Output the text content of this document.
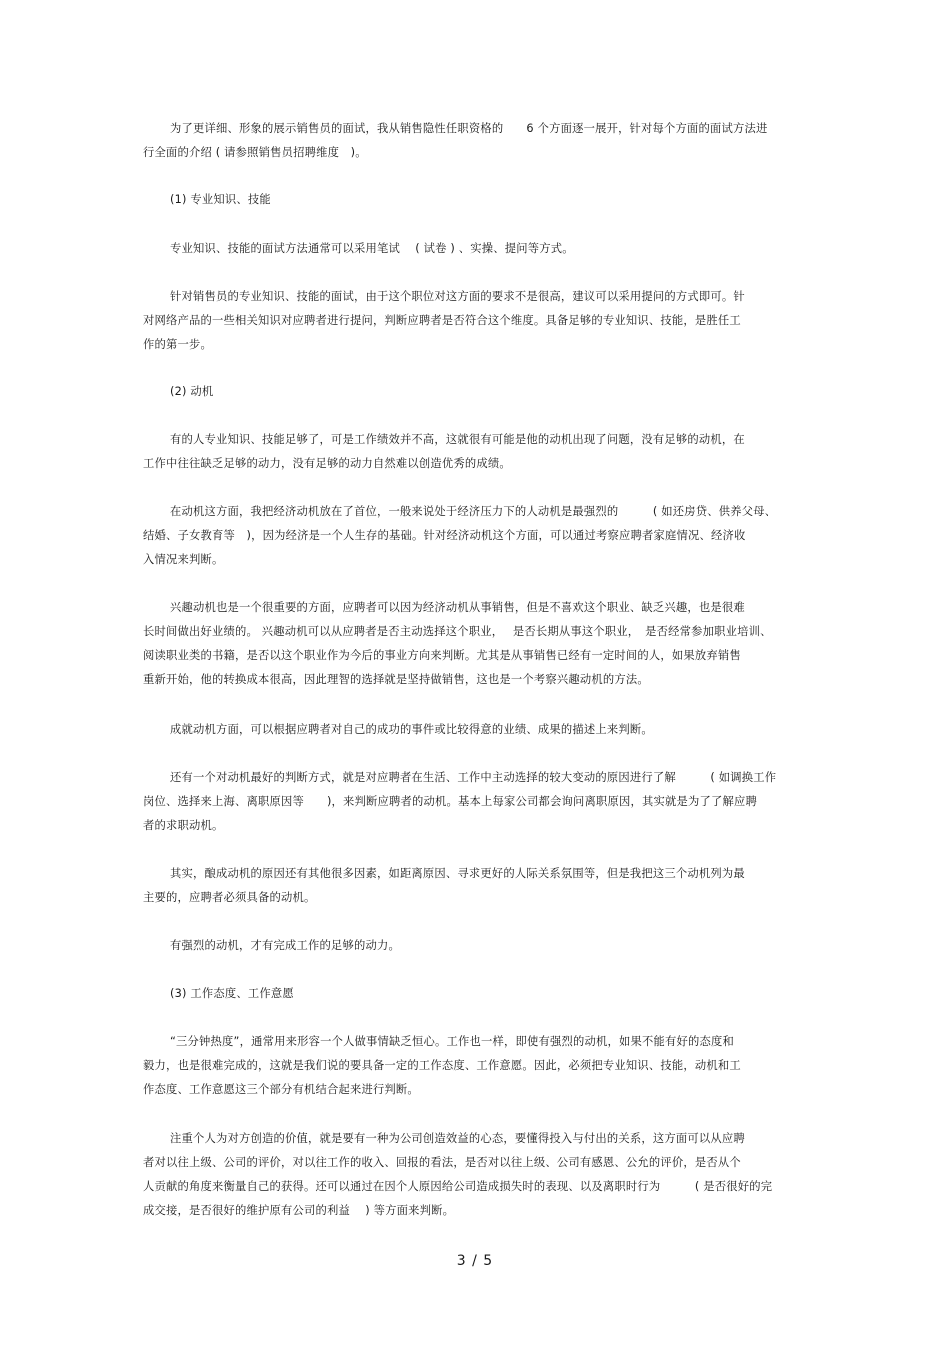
为了更详细、形象的展示销售员的面试，我从销售隐性任职资格的　　6 个方面逐一展开，针对每个方面的面试方法进
行全面的介绍 ( 请参照销售员招聘维度　)。
(1) 专业知识、技能
专业知识、技能的面试方法通常可以采用笔试　 ( 试卷 ) 、实操、提问等方式。
针对销售员的专业知识、技能的面试，由于这个职位对这方面的要求不是很高，建议可以采用提问的方式即可。针
对网络产品的一些相关知识对应聘者进行提问，判断应聘者是否符合这个维度。具备足够的专业知识、技能，是胜任工
作的第一步。
(2) 动机
有的人专业知识、技能足够了，可是工作绩效并不高，这就很有可能是他的动机出现了问题，没有足够的动机，在
工作中往往缺乏足够的动力，没有足够的动力自然难以创造优秀的成绩。
在动机这方面，我把经济动机放在了首位，一般来说处于经济压力下的人动机是最强烈的　　　( 如还房贷、供养父母、
结婚、子女教育等　)，因为经济是一个人生存的基础。针对经济动机这个方面，可以通过考察应聘者家庭情况、经济收
入情况来判断。
兴趣动机也是一个很重要的方面，应聘者可以因为经济动机从事销售，但是不喜欢这个职业、缺乏兴趣，也是很难
长时间做出好业绩的。 兴趣动机可以从应聘者是否主动选择这个职业，　 是否长期从事这个职业，　是否经常参加职业培训、
阅读职业类的书籍，是否以这个职业作为今后的事业方向来判断。尤其是从事销售已经有一定时间的人，如果放弃销售
重新开始，他的转换成本很高，因此理智的选择就是坚持做销售，这也是一个考察兴趣动机的方法。
成就动机方面，可以根据应聘者对自己的成功的事件或比较得意的业绩、成果的描述上来判断。
还有一个对动机最好的判断方式，就是对应聘者在生活、工作中主动选择的较大变动的原因进行了解　　　( 如调换工作
岗位、选择来上海、离职原因等　　)，来判断应聘者的动机。基本上每家公司都会询问离职原因，其实就是为了了解应聘
者的求职动机。
其实，酿成动机的原因还有其他很多因素，如距离原因、寻求更好的人际关系氛围等，但是我把这三个动机列为最
主要的，应聘者必须具备的动机。
有强烈的动机，才有完成工作的足够的动力。
(3) 工作态度、工作意愿
“三分钟热度”，通常用来形容一个人做事情缺乏恒心。工作也一样，即使有强烈的动机，如果不能有好的态度和
毅力，也是很难完成的，这就是我们说的要具备一定的工作态度、工作意愿。因此，必须把专业知识、技能，动机和工
作态度、工作意愿这三个部分有机结合起来进行判断。
注重个人为对方创造的价值，就是要有一种为公司创造效益的心态，要懂得投入与付出的关系，这方面可以从应聘
者对以往上级、公司的评价，对以往工作的收入、回报的看法，是否对以往上级、公司有感恩、公允的评价，是否从个
人贡献的角度来衡量自己的获得。还可以通过在因个人原因给公司造成损失时的表现、以及离职时行为　　　( 是否很好的完
成交接，是否很好的维护原有公司的利益　 ) 等方面来判断。
3 / 5
